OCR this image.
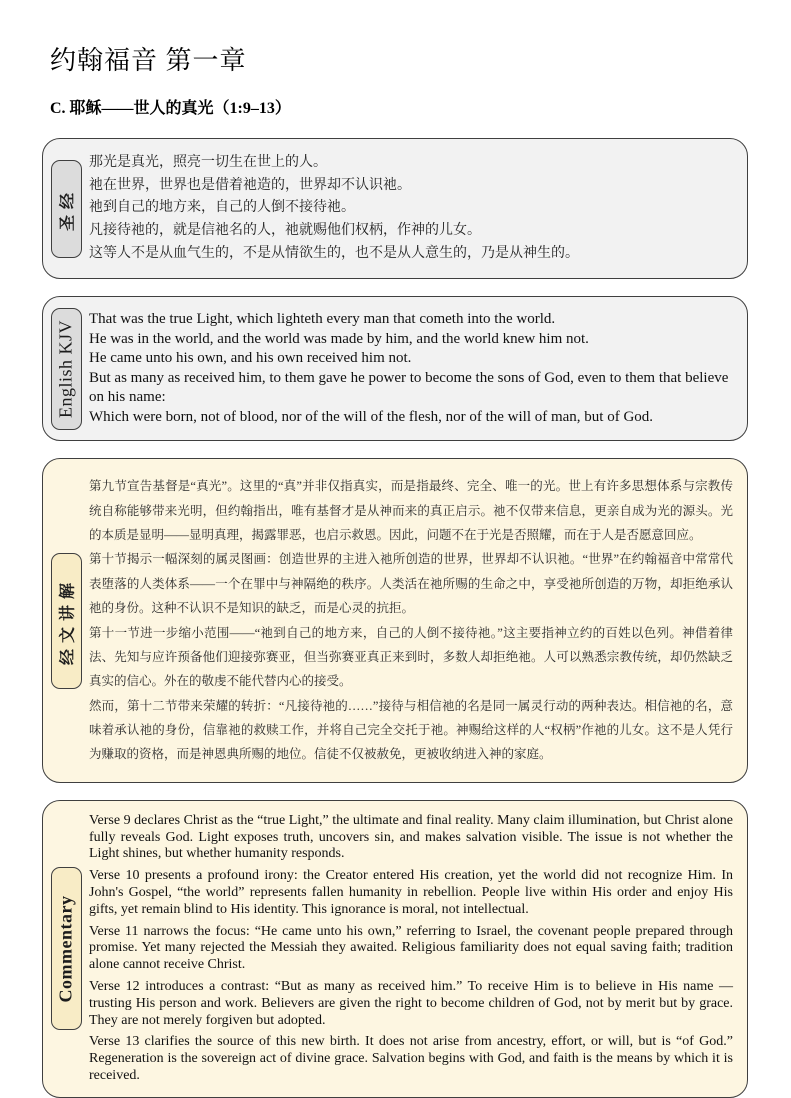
约翰福音 第一章
C. 耶稣——世人的真光（1:9–13）
圣经

那光是真光，照亮一切生在世上的人。

祂在世界，世界也是借着祂造的，世界却不认识祂。

祂到自己的地方来，自己的人倒不接待祂。

凡接待祂的，就是信祂名的人，祂就赐他们权柄，作神的儿女。

这等人不是从血气生的，不是从情欲生的，也不是从人意生的，乃是从神生的。

English KJV

That was the true Light, which lighteth every man that cometh into the world.

He was in the world, and the world was made by him, and the world knew him not.

He came unto his own, and his own received him not.

But as many as received him, to them gave he power to become the sons of God, even to them that believe on his name:

Which were born, not of blood, nor of the will of the flesh, nor of the will of man, but of God.

经文讲解

第九节宣告基督是“真光”。这里的“真”并非仅指真实，而是指最终、完全、唯一的光。世上有许多思想体系与宗教传统自称能够带来光明，但约翰指出，唯有基督才是从神而来的真正启示。祂不仅带来信息，更亲自成为光的源头。光的本质是显明——显明真理，揭露罪恶，也启示救恩。因此，问题不在于光是否照耀，而在于人是否愿意回应。

第十节揭示一幅深刻的属灵图画：创造世界的主进入祂所创造的世界，世界却不认识祂。“世界”在约翰福音中常常代表堕落的人类体系——一个在罪中与神隔绝的秩序。人类活在祂所赐的生命之中，享受祂所创造的万物，却拒绝承认祂的身份。这种不认识不是知识的缺乏，而是心灵的抗拒。

第十一节进一步缩小范围——“祂到自己的地方来，自己的人倒不接待祂。”这主要指神立约的百姓以色列。神借着律法、先知与应许预备他们迎接弥赛亚，但当弥赛亚真正来到时，多数人却拒绝祂。人可以熟悉宗教传统，却仍然缺乏真实的信心。外在的敬虔不能代替内心的接受。

然而，第十二节带来荣耀的转折：“凡接待祂的……”接待与相信祂的名是同一属灵行动的两种表达。相信祂的名，意味着承认祂的身份，信靠祂的救赎工作，并将自己完全交托于祂。神赐给这样的人“权柄”作祂的儿女。这不是人凭行为赚取的资格，而是神恩典所赐的地位。信徒不仅被赦免，更被收纳进入神的家庭。

Commentary

Verse 9 declares Christ as the “true Light,” the ultimate and final reality. Many claim illumination, but Christ alone fully reveals God. Light exposes truth, uncovers sin, and makes salvation visible. The issue is not whether the Light shines, but whether humanity responds.

Verse 10 presents a profound irony: the Creator entered His creation, yet the world did not recognize Him. In John's Gospel, “the world” represents fallen humanity in rebellion. People live within His order and enjoy His gifts, yet remain blind to His identity. This ignorance is moral, not intellectual.

Verse 11 narrows the focus: “He came unto his own,” referring to Israel, the covenant people prepared through promise. Yet many rejected the Messiah they awaited. Religious familiarity does not equal saving faith; tradition alone cannot receive Christ.

Verse 12 introduces a contrast: “But as many as received him.” To receive Him is to believe in His name — trusting His person and work. Believers are given the right to become children of God, not by merit but by grace. They are not merely forgiven but adopted.

Verse 13 clarifies the source of this new birth. It does not arise from ancestry, effort, or will, but is “of God.” Regeneration is the sovereign act of divine grace. Salvation begins with God, and faith is the means by which it is received.
